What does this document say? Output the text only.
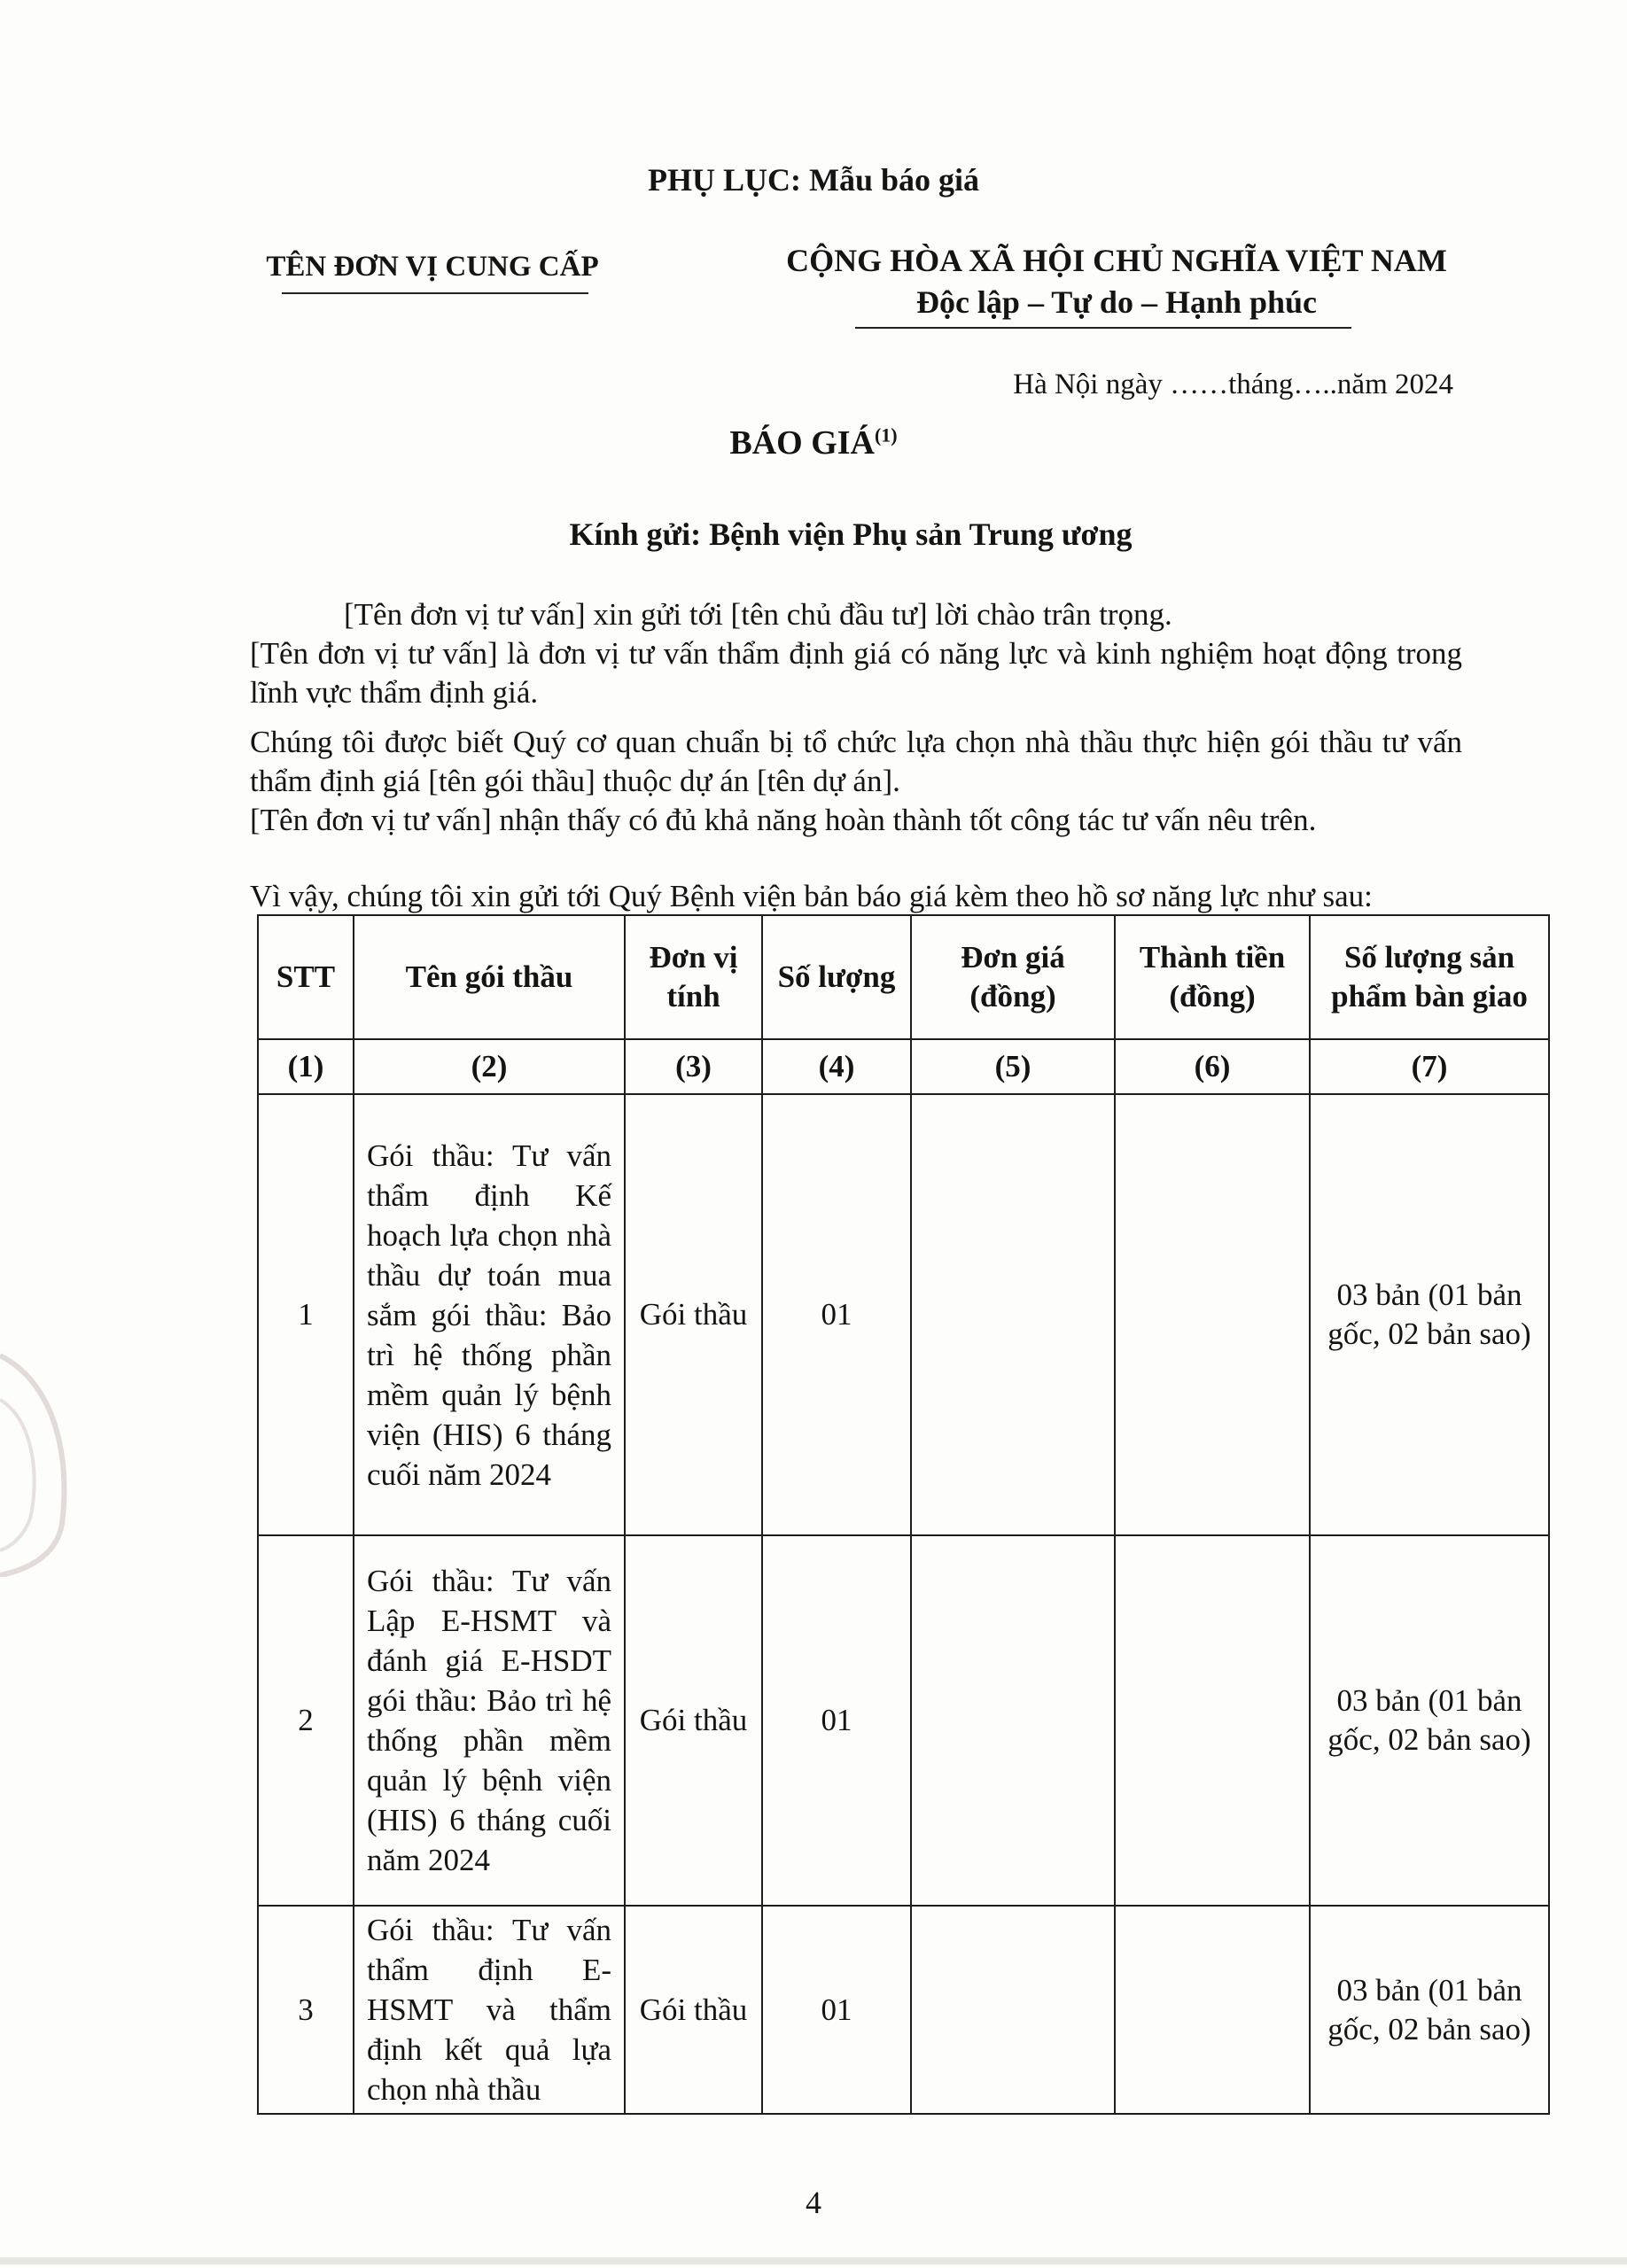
PHỤ LỤC: Mẫu báo giá
TÊN ĐƠN VỊ CUNG CẤP	CỘNG HÒA XÃ HỘI CHỦ NGHĨA VIỆT NAM
Độc lập – Tự do – Hạnh phúc
Hà Nội ngày ……tháng…..năm 2024
BÁO GIÁ$^{(1)}$
Kính gửi: Bệnh viện Phụ sản Trung ương
[Tên đơn vị tư vấn] xin gửi tới [tên chủ đầu tư] lời chào trân trọng.
[Tên đơn vị tư vấn] là đơn vị tư vấn thẩm định giá có năng lực và kinh nghiệm hoạt động trong lĩnh vực thẩm định giá.
Chúng tôi được biết Quý cơ quan chuẩn bị tổ chức lựa chọn nhà thầu thực hiện gói thầu tư vấn thẩm định giá [tên gói thầu] thuộc dự án [tên dự án].
[Tên đơn vị tư vấn] nhận thấy có đủ khả năng hoàn thành tốt công tác tư vấn nêu trên.
Vì vậy, chúng tôi xin gửi tới Quý Bệnh viện bản báo giá kèm theo hồ sơ năng lực như sau:
STT	Tên gói thầu	Đơn vị tính	Số lượng	Đơn giá (đồng)	Thành tiền (đồng)	Số lượng sản phẩm bàn giao
(1)	(2)	(3)	(4)	(5)	(6)	(7)
1	Gói thầu: Tư vấn thẩm định Kế hoạch lựa chọn nhà thầu dự toán mua sắm gói thầu: Bảo trì hệ thống phần mềm quản lý bệnh viện (HIS) 6 tháng cuối năm 2024	Gói thầu	01			03 bản (01 bản gốc, 02 bản sao)
2	Gói thầu: Tư vấn Lập E-HSMT và đánh giá E-HSDT gói thầu: Bảo trì hệ thống phần mềm quản lý bệnh viện (HIS) 6 tháng cuối năm 2024	Gói thầu	01			03 bản (01 bản gốc, 02 bản sao)
3	Gói thầu: Tư vấn thẩm định E-HSMT và thẩm định kết quả lựa chọn nhà thầu	Gói thầu	01			03 bản (01 bản gốc, 02 bản sao)
4
